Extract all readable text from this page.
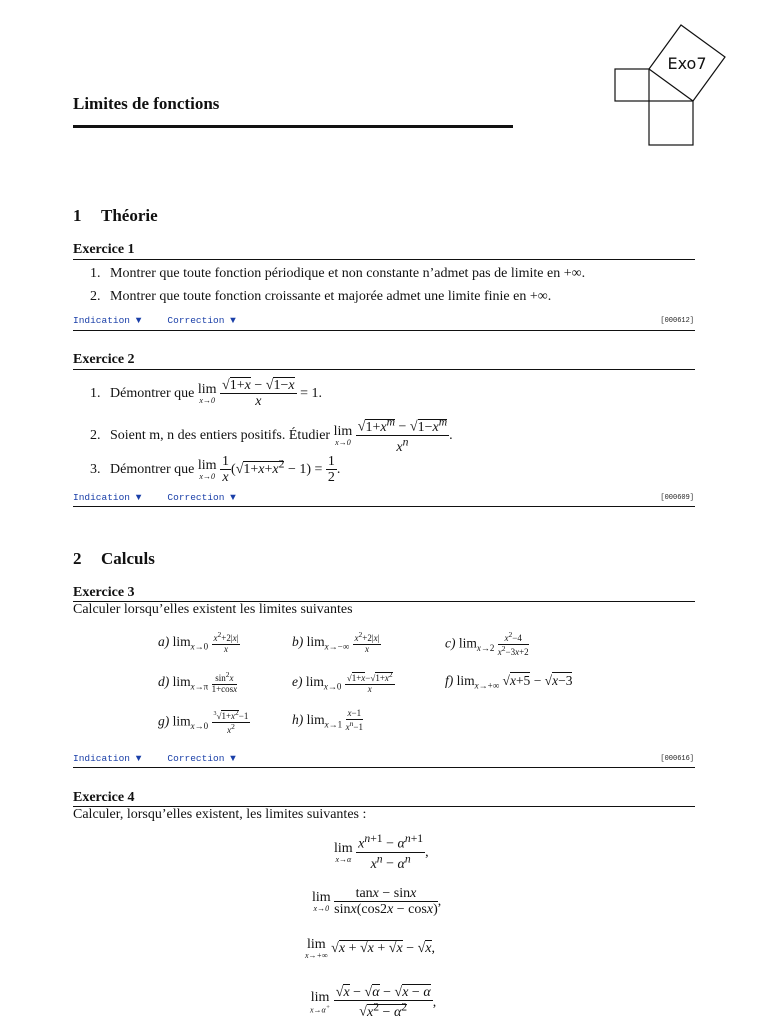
Exo7
Limites de fonctions
1 Théorie
Exercice 1
1. Montrer que toute fonction périodique et non constante n’admet pas de limite en +∞.
2. Montrer que toute fonction croissante et majorée admet une limite finie en +∞.
Indication ▼	Correction ▼	[000612]
Exercice 2
1. Démontrer que lim
x→0
$\frac{√1+x - √1-x}{x} = 1$.
2. Soient m, n des entiers positifs. Étudier lim
x→0
$\frac{√1+x^m - √1-x^m}{x^n}$ .
3. Démontrer que lim
x→0
$\frac{1}{x} (√1+x+x^2 - 1) = \frac{1}{2}$ .
Indication ▼	Correction ▼	[000609]
2 Calculs
Exercice 3
Calculer lorsqu’elles existent les limites suivantes
a) $\lim_{x\to 0} \frac{x^2+2|x|}{x}$	b) $\lim_{x\to-\infty} \frac{x^2+2|x|}{x}$	c) $\lim_{x\to 2} \frac{x^2-4}{x^2-3x+2}$
d) $\lim_{x\to\pi} \frac{\sin^2x}{1+\cos x}$	e) $\lim_{x\to 0} \frac{√1+x-√1+x^2}{x}$	f) $\lim_{x\to+\infty} √x+5 - √x-3$
g) $\lim_{x\to 0} \frac{^3√1+x^2-1}{x^2}$	h) $\lim_{x\to 1} \frac{x-1}{x^n-1}$
Indication ▼	Correction ▼	[000616]
Exercice 4
Calculer, lorsqu’elles existent, les limites suivantes :
lim
x→α
$\frac{x^{n+1} - \alpha^{n+1}}{x^n - \alpha^n}$ ,
lim
x→0
$\frac{\tan x - \sin x}{\sin x(\cos 2x - \cos x)}$ ,
lim
x→+∞ √x + √x + √x − √x,
lim
x→α+
$\frac{√x - √\alpha - √x - \alpha}{√x^2 - \alpha^2}$ ,
